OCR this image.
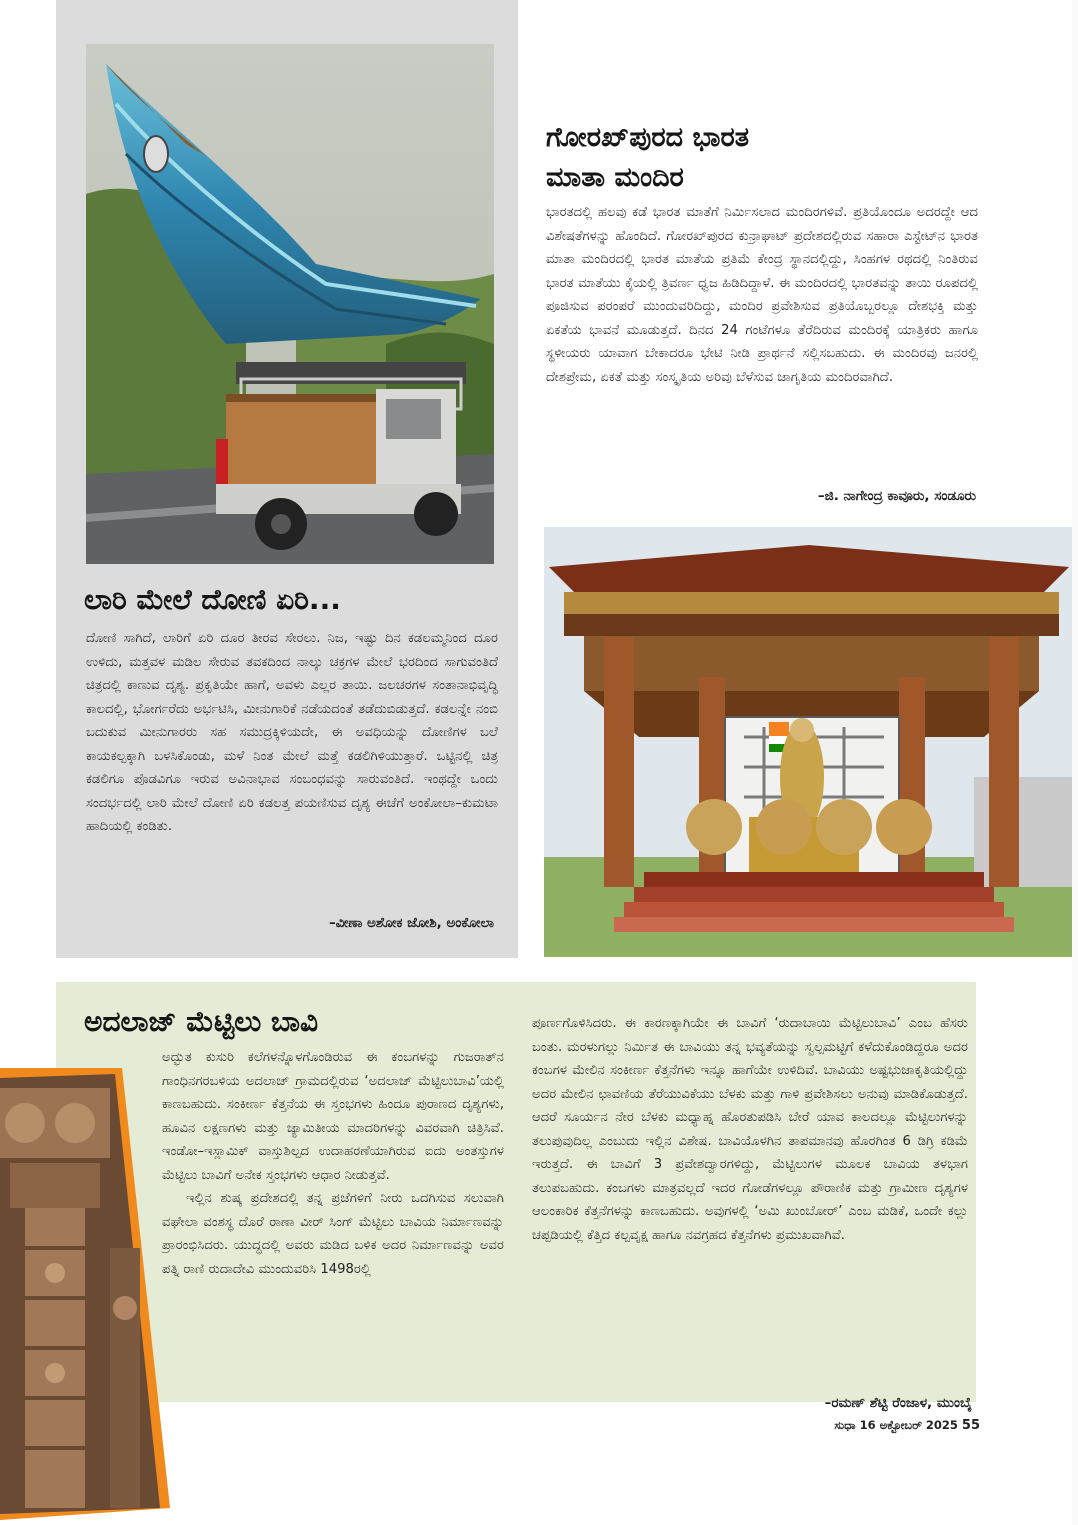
ಲಾರಿ ಮೇಲೆ ದೋಣಿ ಏರಿ...
ದೋಣಿ ಸಾಗಿದೆ, ಲಾರಿಗೆ ಏರಿ ದೂರ ತೀರವ ಸೇರಲು. ನಿಜ, ಇಷ್ಟು ದಿನ ಕಡಲಮ್ಮನಿಂದ ದೂರ ಉಳಿದು, ಮತ್ತವಳ ಮಡಿಲ ಸೇರುವ ತವಕದಿಂದ ನಾಲ್ಕು ಚಕ್ರಗಳ ಮೇಲೆ ಭರದಿಂದ ಸಾಗುವಂತಿದೆ ಚಿತ್ರದಲ್ಲಿ ಕಾಣುವ ದೃಶ್ಯ. ಪ್ರಕೃತಿಯೇ ಹಾಗೆ, ಅವಳು ಎಲ್ಲರ ತಾಯಿ. ಜಲಚರಗಳ ಸಂತಾನಾಭಿವೃದ್ಧಿ ಕಾಲದಲ್ಲಿ, ಭೋರ್ಗರೆದು ಅರ್ಭಟಿಸಿ, ಮೀನುಗಾರಿಕೆ ನಡೆಯದಂತೆ ತಡೆದುಬಿಡುತ್ತದೆ. ಕಡಲನ್ನೇ ನಂಬಿ ಬದುಕುವ ಮೀನುಗಾರರು ಸಹ ಸಮುದ್ರಕ್ಕಿಳಿಯದೇ, ಈ ಅವಧಿಯನ್ನು ದೋಣಿಗಳ ಬಲೆ ಕಾಯಕಲ್ಪಕ್ಕಾಗಿ ಬಳಸಿಕೊಂಡು, ಮಳೆ ನಿಂತ ಮೇಲೆ ಮತ್ತೆ ಕಡಲಿಗಿಳಿಯುತ್ತಾರೆ. ಒಟ್ಟಿನಲ್ಲಿ ಚಿತ್ರ ಕಡಲಿಗೂ ಪೊಡವಿಗೂ ಇರುವ ಅವಿನಾಭಾವ ಸಂಬಂಧವನ್ನು ಸಾರುವಂತಿದೆ. ಇಂಥದ್ದೇ ಒಂದು ಸಂದರ್ಭದಲ್ಲಿ ಲಾರಿ ಮೇಲೆ ದೋಣಿ ಏರಿ ಕಡಲತ್ತ ಪಯಣಿಸುವ ದೃಶ್ಯ ಈಚೆಗೆ ಅಂಕೋಲಾ–ಕುಮಟಾ ಹಾದಿಯಲ್ಲಿ ಕಂಡಿತು.
–ವೀಣಾ ಅಶೋಕ ಜೋಶಿ, ಅಂಕೋಲಾ
ಗೋರಖ್‌ಪುರದ ಭಾರತ
ಮಾತಾ ಮಂದಿರ
ಭಾರತದಲ್ಲಿ ಹಲವು ಕಡೆ ಭಾರತ ಮಾತೆಗೆ ನಿರ್ಮಿಸಲಾದ ಮಂದಿರಗಳಿವೆ. ಪ್ರತಿಯೊಂದೂ ಅದರದ್ದೇ ಆದ ವಿಶೇಷತೆಗಳನ್ನು ಹೊಂದಿದೆ. ಗೋರಖ್‌ಪುರದ ಕುನ್ರಾಘಾಟ್ ಪ್ರದೇಶದಲ್ಲಿರುವ ಸಹಾರಾ ಎಸ್ಟೇಟ್‌ನ ಭಾರತ ಮಾತಾ ಮಂದಿರದಲ್ಲಿ ಭಾರತ ಮಾತೆಯ ಪ್ರತಿಮೆ ಕೇಂದ್ರ ಸ್ಥಾನದಲ್ಲಿದ್ದು, ಸಿಂಹಗಳ ರಥದಲ್ಲಿ ನಿಂತಿರುವ ಭಾರತ ಮಾತೆಯು ಕೈಯಲ್ಲಿ ತ್ರಿವರ್ಣ ಧ್ವಜ ಹಿಡಿದಿದ್ದಾಳೆ. ಈ ಮಂದಿರದಲ್ಲಿ ಭಾರತವನ್ನು ತಾಯಿ ರೂಪದಲ್ಲಿ ಪೂಜಿಸುವ ಪರಂಪರೆ ಮುಂದುವರಿದಿದ್ದು, ಮಂದಿರ ಪ್ರವೇಶಿಸುವ ಪ್ರತಿಯೊಬ್ಬರಲ್ಲೂ ದೇಶಭಕ್ತಿ ಮತ್ತು ಏಕತೆಯ ಭಾವನೆ ಮೂಡುತ್ತದೆ. ದಿನದ 24 ಗಂಟೆಗಳೂ ತೆರೆದಿರುವ ಮಂದಿರಕ್ಕೆ ಯಾತ್ರಿಕರು ಹಾಗೂ ಸ್ಥಳೀಯರು ಯಾವಾಗ ಬೇಕಾದರೂ ಭೇಟಿ ನೀಡಿ ಪ್ರಾರ್ಥನೆ ಸಲ್ಲಿಸಬಹುದು. ಈ ಮಂದಿರವು ಜನರಲ್ಲಿ ದೇಶಪ್ರೇಮ, ಏಕತೆ ಮತ್ತು ಸಂಸ್ಕೃತಿಯ ಅರಿವು ಬೆಳೆಸುವ ಜಾಗೃತಿಯ ಮಂದಿರವಾಗಿದೆ.
–ಜಿ. ನಾಗೇಂದ್ರ ಕಾವೂರು, ಸಂಡೂರು
ಅದಲಾಜ್ ಮೆಟ್ಟಿಲು ಬಾವಿ

ಅದ್ಭುತ ಕುಸುರಿ ಕಲೆಗಳನ್ನೊಳಗೊಂಡಿರುವ ಈ ಕಂಬಗಳನ್ನು ಗುಜರಾತ್‌ನ ಗಾಂಧಿನಗರಬಳಿಯ ಅದಲಾಜ್ ಗ್ರಾಮದಲ್ಲಿರುವ ‘ಅದಲಾಜ್ ಮೆಟ್ಟಿಲುಬಾವಿ’ಯಲ್ಲಿ ಕಾಣಬಹುದು. ಸಂಕೀರ್ಣ ಕೆತ್ತನೆಯ ಈ ಸ್ತಂಭಗಳು ಹಿಂದೂ ಪುರಾಣದ ದೃಶ್ಯಗಳು, ಹೂವಿನ ಲಕ್ಷಣಗಳು ಮತ್ತು ಜ್ಯಾಮಿತೀಯ ಮಾದರಿಗಳನ್ನು ವಿವರವಾಗಿ ಚಿತ್ರಿಸಿವೆ. ಇಂಡೋ–ಇಸ್ಲಾಮಿಕ್ ವಾಸ್ತುಶಿಲ್ಪದ ಉದಾಹರಣೆಯಾಗಿರುವ ಐದು ಅಂತಸ್ತುಗಳ ಮೆಟ್ಟಿಲು ಬಾವಿಗೆ ಅನೇಕ ಸ್ತಂಭಗಳು ಆಧಾರ ನೀಡುತ್ತವೆ.

ಇಲ್ಲಿನ ಶುಷ್ಕ ಪ್ರದೇಶದಲ್ಲಿ ತನ್ನ ಪ್ರಜೆಗಳಿಗೆ ನೀರು ಒದಗಿಸುವ ಸಲುವಾಗಿ ವಘೇಲಾ ವಂಶಸ್ಥ ದೊರೆ ರಾಣಾ ವೀರ್ ಸಿಂಗ್ ಮೆಟ್ಟಿಲು ಬಾವಿಯ ನಿರ್ಮಾಣವನ್ನು ಪ್ರಾರಂಭಿಸಿದರು. ಯುದ್ಧದಲ್ಲಿ ಅವರು ಮಡಿದ ಬಳಿಕ ಅದರ ನಿರ್ಮಾಣವನ್ನು ಅವರ ಪತ್ನಿ ರಾಣಿ ರುದಾದೇವಿ ಮುಂದುವರಿಸಿ 1498ರಲ್ಲಿ

ಪೂರ್ಣಗೊಳಿಸಿದರು. ಈ ಕಾರಣಕ್ಕಾಗಿಯೇ ಈ ಬಾವಿಗೆ ‘ರುದಾಬಾಯಿ ಮೆಟ್ಟಿಲುಬಾವಿ’ ಎಂಬ ಹೆಸರು ಬಂತು. ಮರಳುಗಲ್ಲು ನಿರ್ಮಿತ ಈ ಬಾವಿಯು ತನ್ನ ಭವ್ಯತೆಯನ್ನು ಸ್ವಲ್ಪಮಟ್ಟಿಗೆ ಕಳೆದುಕೊಂಡಿದ್ದರೂ ಅದರ ಕಂಬಗಳ ಮೇಲಿನ ಸಂಕೀರ್ಣ ಕೆತ್ತನೆಗಳು ಇನ್ನೂ ಹಾಗೆಯೇ ಉಳಿದಿವೆ. ಬಾವಿಯು ಅಷ್ಟಭುಜಾಕೃತಿಯಲ್ಲಿದ್ದು ಅದರ ಮೇಲಿನ ಛಾವಣಿಯ ತೆರೆಯುವಿಕೆಯು ಬೆಳಕು ಮತ್ತು ಗಾಳಿ ಪ್ರವೇಶಿಸಲು ಅನುವು ಮಾಡಿಕೊಡುತ್ತದೆ. ಆದರೆ ಸೂರ್ಯನ ನೇರ ಬೆಳಕು ಮಧ್ಯಾಹ್ನ ಹೊರತುಪಡಿಸಿ ಬೇರೆ ಯಾವ ಕಾಲದಲ್ಲೂ ಮೆಟ್ಟಿಲುಗಳನ್ನು ತಲುಪುವುದಿಲ್ಲ ಎಂಬುದು ಇಲ್ಲಿನ ವಿಶೇಷ. ಬಾವಿಯೊಳಗಿನ ತಾಪಮಾನವು ಹೊರಗಿಂತ 6 ಡಿಗ್ರಿ ಕಡಿಮೆ ಇರುತ್ತದೆ. ಈ ಬಾವಿಗೆ 3 ಪ್ರವೇಶದ್ವಾರಗಳಿದ್ದು, ಮೆಟ್ಟಿಲುಗಳ ಮೂಲಕ ಬಾವಿಯ ತಳಭಾಗ ತಲುಪಬಹುದು. ಕಂಬಗಳು ಮಾತ್ರವಲ್ಲದೆ ಇದರ ಗೋಡೆಗಳಲ್ಲೂ ಪೌರಾಣಿಕ ಮತ್ತು ಗ್ರಾಮೀಣ ದೃಶ್ಯಗಳ ಆಲಂಕಾರಿಕ ಕೆತ್ತನೆಗಳನ್ನು ಕಾಣಬಹುದು. ಅವುಗಳಲ್ಲಿ ‘ಅಮಿ ಖುಂಬೋರ್’ ಎಂಬ ಮಡಿಕೆ, ಒಂದೇ ಕಲ್ಲು ಚಪ್ಪಡಿಯಲ್ಲಿ ಕೆತ್ತಿದ ಕಲ್ಪವೃಕ್ಷ ಹಾಗೂ ನವಗ್ರಹದ ಕೆತ್ತನೆಗಳು ಪ್ರಮುಖವಾಗಿವೆ.
–ರಮಣ್ ಶೆಟ್ಟಿ ರೆಂಜಾಳ, ಮುಂಬೈ
ಸುಧಾ 16 ಅಕ್ಟೋಬರ್ 2025 55
